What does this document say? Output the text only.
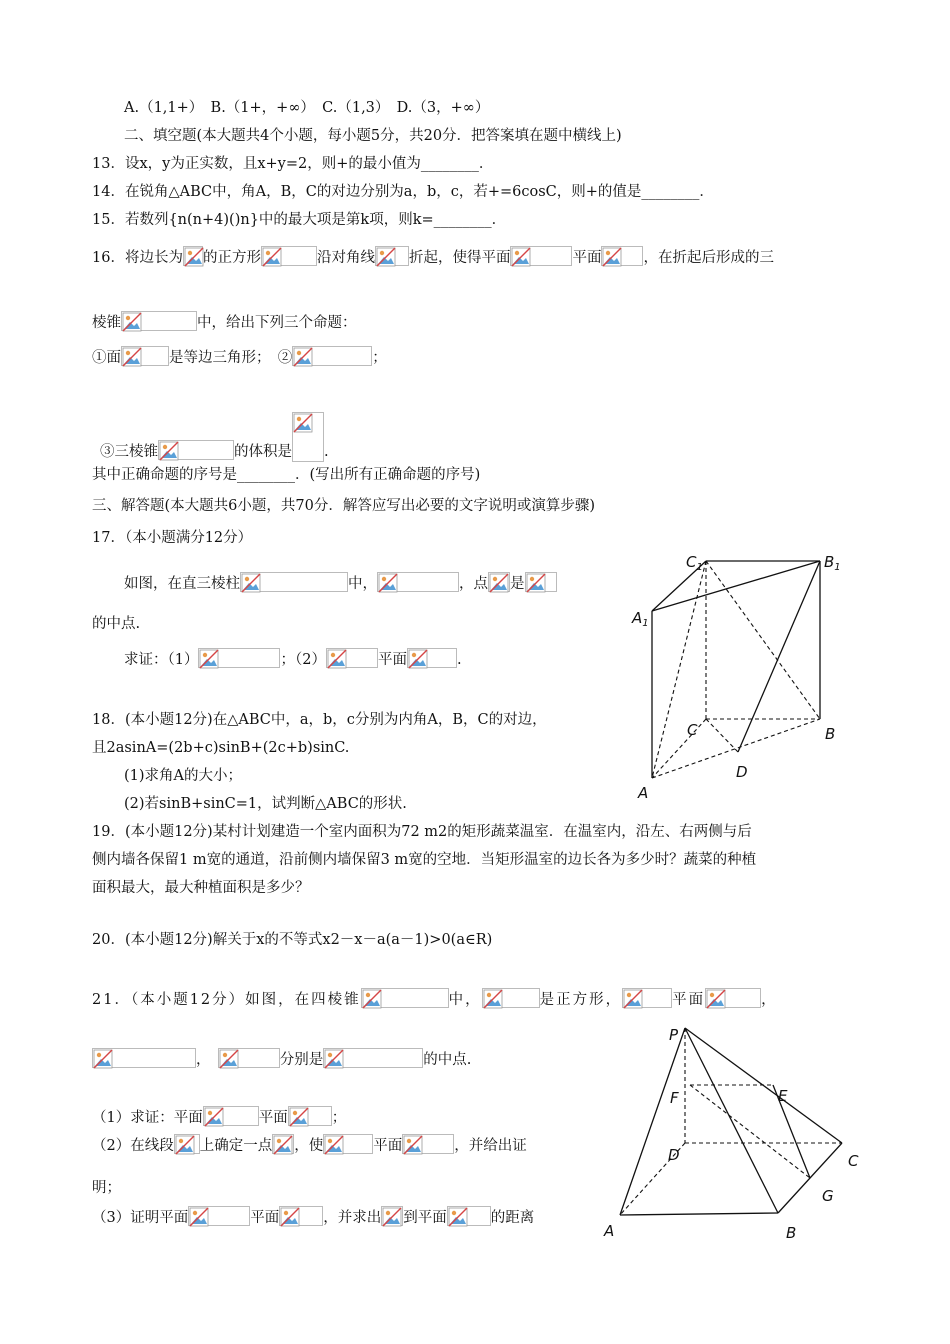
A.（1,1+）　B.（1+，+∞）　C.（1,3）　D.（3，+∞）
二、填空题(本大题共4个小题，每小题5分，共20分．把答案填在题中横线上)
13．设x，y为正实数，且x+y=2，则+的最小值为________．
14．在锐角△ABC中，角A，B，C的对边分别为a，b，c，若+=6cosC，则+的值是________．
15．若数列{n(n+4)()n}中的最大项是第k项，则k=________．
16．将边长为 的正方形	沿对角线 折起，使得平面	平面	，在折起后形成的三
棱锥	中，给出下列三个命题：
①面	是等边三角形；　②	；
③三棱锥	的体积是 .
其中正确命题的序号是________．(写出所有正确命题的序号)
三、解答题(本大题共6小题，共70分．解答应写出必要的文字说明或演算步骤)
17．（本小题满分12分）
如图，在直三棱柱	中，	，点 是
的中点.
求证：（1）	；（2）	平面	.
18．(本小题12分)在△ABC中，a，b，c分别为内角A，B，C的对边，
且2asinA=(2b+c)sinB+(2c+b)sinC.
(1)求角A的大小；
(2)若sinB+sinC=1，试判断△ABC的形状.
19．(本小题12分)某村计划建造一个室内面积为72 m2的矩形蔬菜温室．在温室内，沿左、右两侧与后
侧内墙各保留1 m宽的通道，沿前侧内墙保留3 m宽的空地．当矩形温室的边长各为多少时？蔬菜的种植
面积最大，最大种植面积是多少？
20．(本小题12分)解关于x的不等式x2－x－a(a－1)>0(a∈R)
21．（本小题12分）如图，在四棱锥	中，	是正方形，	平面	，
，　	分别是	的中点.
（1）求证：平面	平面	；
（2）在线段 上确定一点 ，使	平面	，并给出证
明；
（3）证明平面	平面	，并求出 到平面	的距离
$C_1$	$B_1$
$A_1$
C	B
D
A
P
E
F
D	C
G
A	B
